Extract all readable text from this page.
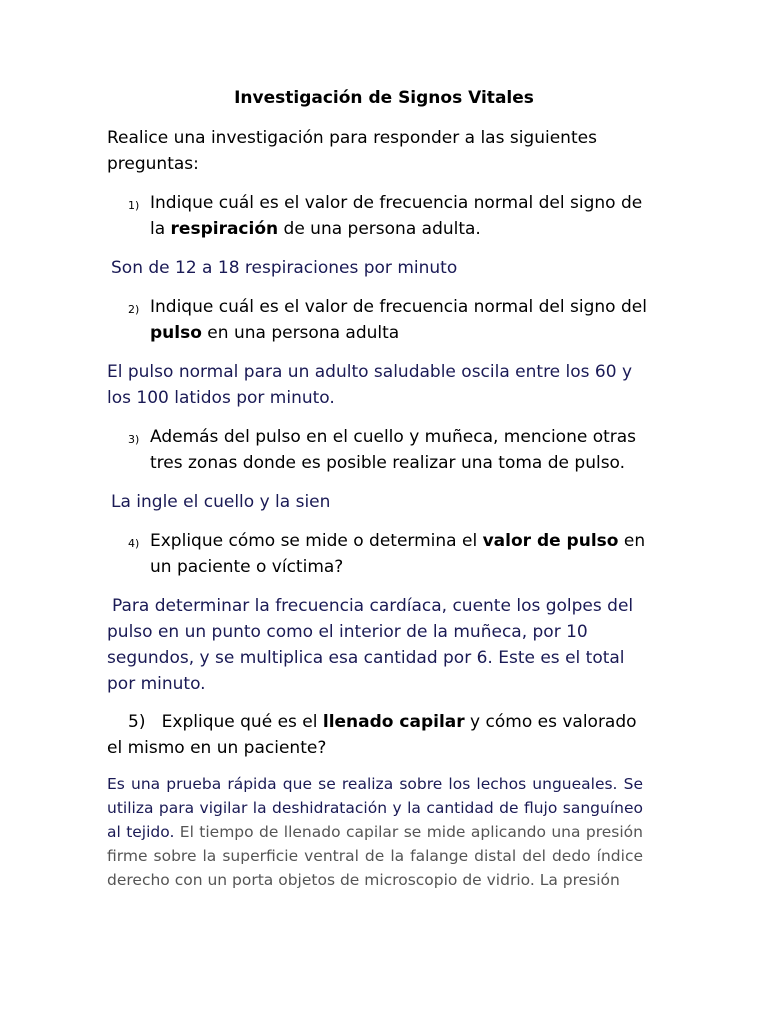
Investigación de Signos Vitales
Realice una investigación para responder a las siguientes preguntas:
1) Indique cuál es el valor de frecuencia normal del signo de la respiración de una persona adulta.
Son de 12 a 18 respiraciones por minuto
2) Indique cuál es el valor de frecuencia normal del signo del pulso en una persona adulta
El pulso normal para un adulto saludable oscila entre los 60 y los 100 latidos por minuto.
3) Además del pulso en el cuello y muñeca, mencione otras tres zonas donde es posible realizar una toma de pulso.
La ingle el cuello y la sien
4) Explique cómo se mide o determina el valor de pulso en un paciente o víctima?
Para determinar la frecuencia cardíaca, cuente los golpes del pulso en un punto como el interior de la muñeca, por 10 segundos, y se multiplica esa cantidad por 6. Este es el total por minuto.
5) Explique qué es el llenado capilar y cómo es valorado el mismo en un paciente?
Es una prueba rápida que se realiza sobre los lechos ungueales. Se utiliza para vigilar la deshidratación y la cantidad de flujo sanguíneo al tejido. El tiempo de llenado capilar se mide aplicando una presión firme sobre la superficie ventral de la falange distal del dedo índice derecho con un porta objetos de microscopio de vidrio. La presión
